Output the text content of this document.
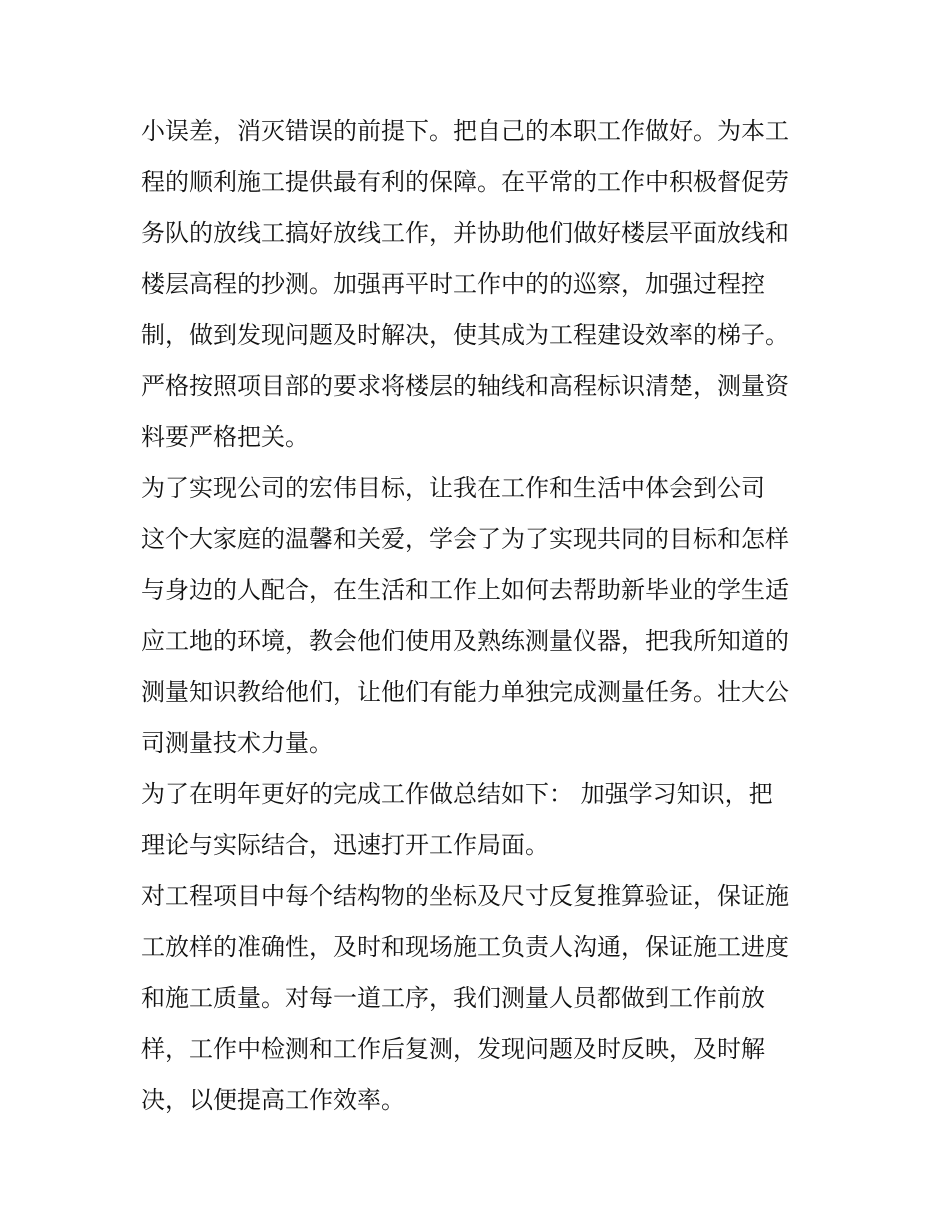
小误差，消灭错误的前提下。把自己的本职工作做好。为本工
程的顺利施工提供最有利的保障。在平常的工作中积极督促劳
务队的放线工搞好放线工作，并协助他们做好楼层平面放线和
楼层高程的抄测。加强再平时工作中的的巡察，加强过程控
制，做到发现问题及时解决，使其成为工程建设效率的梯子。
严格按照项目部的要求将楼层的轴线和高程标识清楚，测量资
料要严格把关。
为了实现公司的宏伟目标，让我在工作和生活中体会到公司
这个大家庭的温馨和关爱，学会了为了实现共同的目标和怎样
与身边的人配合，在生活和工作上如何去帮助新毕业的学生适
应工地的环境，教会他们使用及熟练测量仪器，把我所知道的
测量知识教给他们，让他们有能力单独完成测量任务。壮大公
司测量技术力量。
为了在明年更好的完成工作做总结如下： 加强学习知识，把
理论与实际结合，迅速打开工作局面。
对工程项目中每个结构物的坐标及尺寸反复推算验证，保证施
工放样的准确性，及时和现场施工负责人沟通，保证施工进度
和施工质量。对每一道工序，我们测量人员都做到工作前放
样，工作中检测和工作后复测，发现问题及时反映，及时解
决，以便提高工作效率。
